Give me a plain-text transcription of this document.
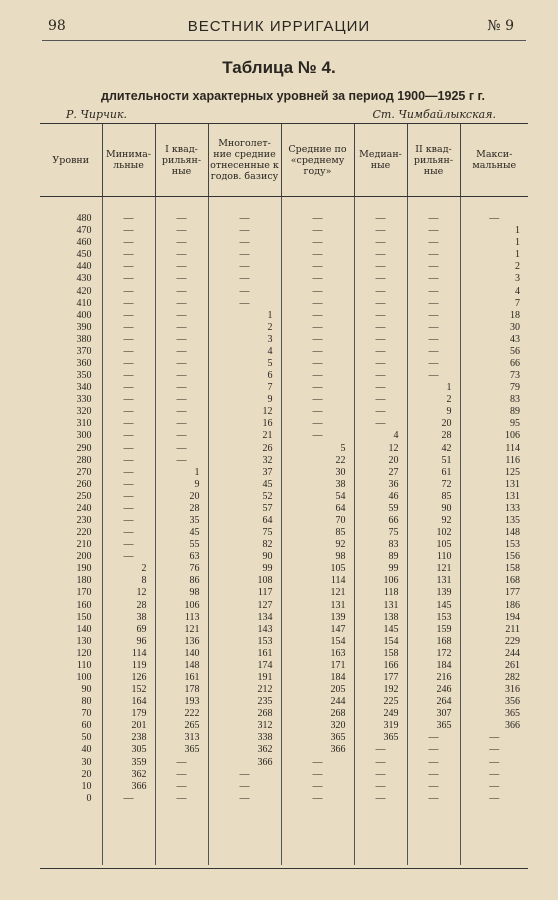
98	ВЕСТНИК ИРРИГАЦИИ	№ 9
Таблица № 4.
длительности характерных уровней за период 1900—1925 г г.
Р. Чирчик.	Ст. Чимбайлыкская.
Уровни	Минима-льные	I квад-рильян-ные	Многолет-ние средние отнесенные к годов. базису	Средние по «среднему году»	Медиан-ные	II квад-рильян-ные	Макси-мальные

480	—	—	—	—	—	—	—
470	—	—	—	—	—	—	1
460	—	—	—	—	—	—	1
450	—	—	—	—	—	—	1
440	—	—	—	—	—	—	2
430	—	—	—	—	—	—	3
420	—	—	—	—	—	—	4
410	—	—	—	—	—	—	7
400	—	—	1	—	—	—	18
390	—	—	2	—	—	—	30
380	—	—	3	—	—	—	43
370	—	—	4	—	—	—	56
360	—	—	5	—	—	—	66
350	—	—	6	—	—	—	73
340	—	—	7	—	—	1	79
330	—	—	9	—	—	2	83
320	—	—	12	—	—	9	89
310	—	—	16	—	—	20	95
300	—	—	21	—	4	28	106
290	—	—	26	5	12	42	114
280	—	—	32	22	20	51	116
270	—	1	37	30	27	61	125
260	—	9	45	38	36	72	131
250	—	20	52	54	46	85	131
240	—	28	57	64	59	90	133
230	—	35	64	70	66	92	135
220	—	45	75	85	75	102	148
210	—	55	82	92	83	105	153
200	—	63	90	98	89	110	156
190	2	76	99	105	99	121	158
180	8	86	108	114	106	131	168
170	12	98	117	121	118	139	177
160	28	106	127	131	131	145	186
150	38	113	134	139	138	153	194
140	69	121	143	147	145	159	211
130	96	136	153	154	154	168	229
120	114	140	161	163	158	172	244
110	119	148	174	171	166	184	261
100	126	161	191	184	177	216	282
90	152	178	212	205	192	246	316
80	164	193	235	244	225	264	356
70	179	222	268	268	249	307	365
60	201	265	312	320	319	365	366
50	238	313	338	365	365	—	—
40	305	365	362	366	—	—	—
30	359	—	366	—	—	—	—
20	362	—	—	—	—	—	—
10	366	—	—	—	—	—	—
0	—	—	—	—	—	—	—
